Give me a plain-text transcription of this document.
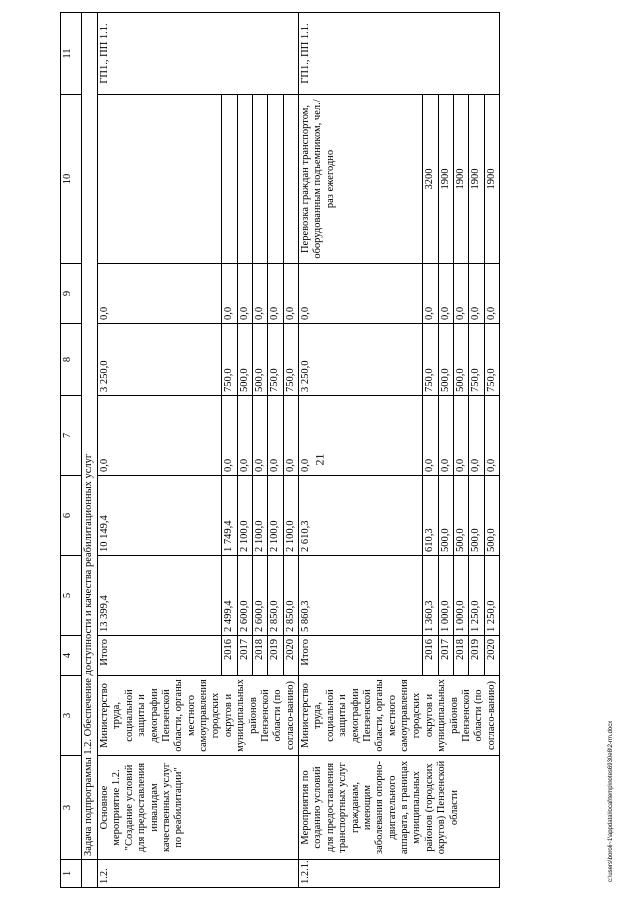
21
1	3	3	4	5	6	7	8	9	10	11
	Задача подпрограммы 1.2. Обеспечение доступности и качества реабилитационных услуг									
1.2.	Основное мероприятие 1.2. "Создание условий для предоставления инвалидам качественных услуг по реабилитации"	Министерство труда, социальной защиты и демографии Пензенской области, органы местного самоуправления городских округов и муниципальных районов Пензенской области (по согласо-ванию)	Итого	13 399,4	10 149,4	0,0	3 250,0	0,0		ГП1., ПП 1.1.
			2016	2 499,4	1 749,4	0,0	750,0	0,0		
			2017	2 600,0	2 100,0	0,0	500,0	0,0		
			2018	2 600,0	2 100,0	0,0	500,0	0,0		
			2019	2 850,0	2 100,0	0,0	750,0	0,0		
			2020	2 850,0	2 100,0	0,0	750,0	0,0		
1.2.1.	Мероприятия по созданию условий для предоставления транспортных услуг гражданам, имеющим заболевания опорно-двигательного аппарата, в границах муниципальных районов (городских округов) Пензенской области	Министерство труда, социальной защиты и демографии Пензенской области, органы местного самоуправления городских округов и муниципальных районов Пензенской области (по согласо-ванию)	Итого	5 860,3	2 610,3	0,0	3 250,0	0,0	Перевозка граждан транспортом, оборудованным подъемником, чел./раз ежегодно	ГП1., ПП 1.1.
			2016	1 360,3	610,3	0,0	750,0	0,0	3200	
			2017	1 000,0	500,0	0,0	500,0	0,0	1900	
			2018	1 000,0	500,0	0,0	500,0	0,0	1900	
			2019	1 250,0	500,0	0,0	750,0	0,0	1900	
			2020	1 250,0	500,0	0,0	750,0	0,0	1900	
c:\users\boroli~1\appdata\local\temp\notes6930e8\2-rm.docx
